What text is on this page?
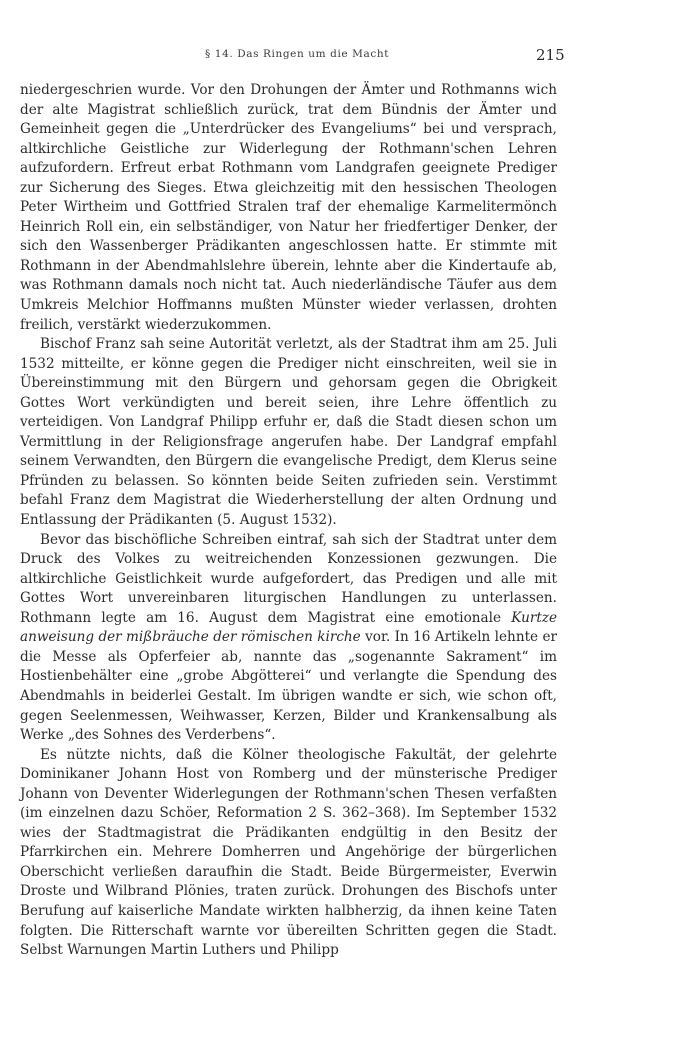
§ 14. Das Ringen um die Macht	215

niedergeschrien wurde. Vor den Drohungen der Ämter und Rothmanns wich der alte Magistrat schließlich zurück, trat dem Bündnis der Ämter und Gemeinheit gegen die „Unterdrücker des Evangeliums“ bei und versprach, altkirchliche Geistliche zur Widerlegung der Rothmann'schen Lehren aufzufordern. Erfreut erbat Rothmann vom Landgrafen geeignete Prediger zur Sicherung des Sieges. Etwa gleichzeitig mit den hessischen Theologen Peter Wirtheim und Gottfried Stralen traf der ehemalige Karmelitermönch Heinrich Roll ein, ein selbständiger, von Natur her friedfertiger Denker, der sich den Wassenberger Prädikanten angeschlossen hatte. Er stimmte mit Rothmann in der Abendmahlslehre überein, lehnte aber die Kindertaufe ab, was Rothmann damals noch nicht tat. Auch niederländische Täufer aus dem Umkreis Melchior Hoffmanns mußten Münster wieder verlassen, drohten freilich, verstärkt wiederzukommen.

Bischof Franz sah seine Autorität verletzt, als der Stadtrat ihm am 25. Juli 1532 mitteilte, er könne gegen die Prediger nicht einschreiten, weil sie in Übereinstimmung mit den Bürgern und gehorsam gegen die Obrigkeit Gottes Wort verkündigten und bereit seien, ihre Lehre öffentlich zu verteidigen. Von Landgraf Philipp erfuhr er, daß die Stadt diesen schon um Vermittlung in der Religionsfrage angerufen habe. Der Landgraf empfahl seinem Verwandten, den Bürgern die evangelische Predigt, dem Klerus seine Pfründen zu belassen. So könnten beide Seiten zufrieden sein. Verstimmt befahl Franz dem Magistrat die Wiederherstellung der alten Ordnung und Entlassung der Prädikanten (5. August 1532).

Bevor das bischöfliche Schreiben eintraf, sah sich der Stadtrat unter dem Druck des Volkes zu weitreichenden Konzessionen gezwungen. Die altkirchliche Geistlichkeit wurde aufgefordert, das Predigen und alle mit Gottes Wort unvereinbaren liturgischen Handlungen zu unterlassen. Rothmann legte am 16. August dem Magistrat eine emotionale Kurtze anweisung der mißbräuche der römischen kirche vor. In 16 Artikeln lehnte er die Messe als Opferfeier ab, nannte das „sogenannte Sakrament“ im Hostienbehälter eine „grobe Abgötterei“ und verlangte die Spendung des Abendmahls in beiderlei Gestalt. Im übrigen wandte er sich, wie schon oft, gegen Seelenmessen, Weihwasser, Kerzen, Bilder und Krankensalbung als Werke „des Sohnes des Verderbens“.

Es nützte nichts, daß die Kölner theologische Fakultät, der gelehrte Dominikaner Johann Host von Romberg und der münsterische Prediger Johann von Deventer Widerlegungen der Rothmann'schen Thesen verfaßten (im einzelnen dazu Schöer, Reformation 2 S. 362–368). Im September 1532 wies der Stadtmagistrat die Prädikanten endgültig in den Besitz der Pfarrkirchen ein. Mehrere Domherren und Angehörige der bürgerlichen Oberschicht verließen daraufhin die Stadt. Beide Bürgermeister, Everwin Droste und Wilbrand Plönies, traten zurück. Drohungen des Bischofs unter Berufung auf kaiserliche Mandate wirkten halbherzig, da ihnen keine Taten folgten. Die Ritterschaft warnte vor übereilten Schritten gegen die Stadt. Selbst Warnungen Martin Luthers und Philipp
